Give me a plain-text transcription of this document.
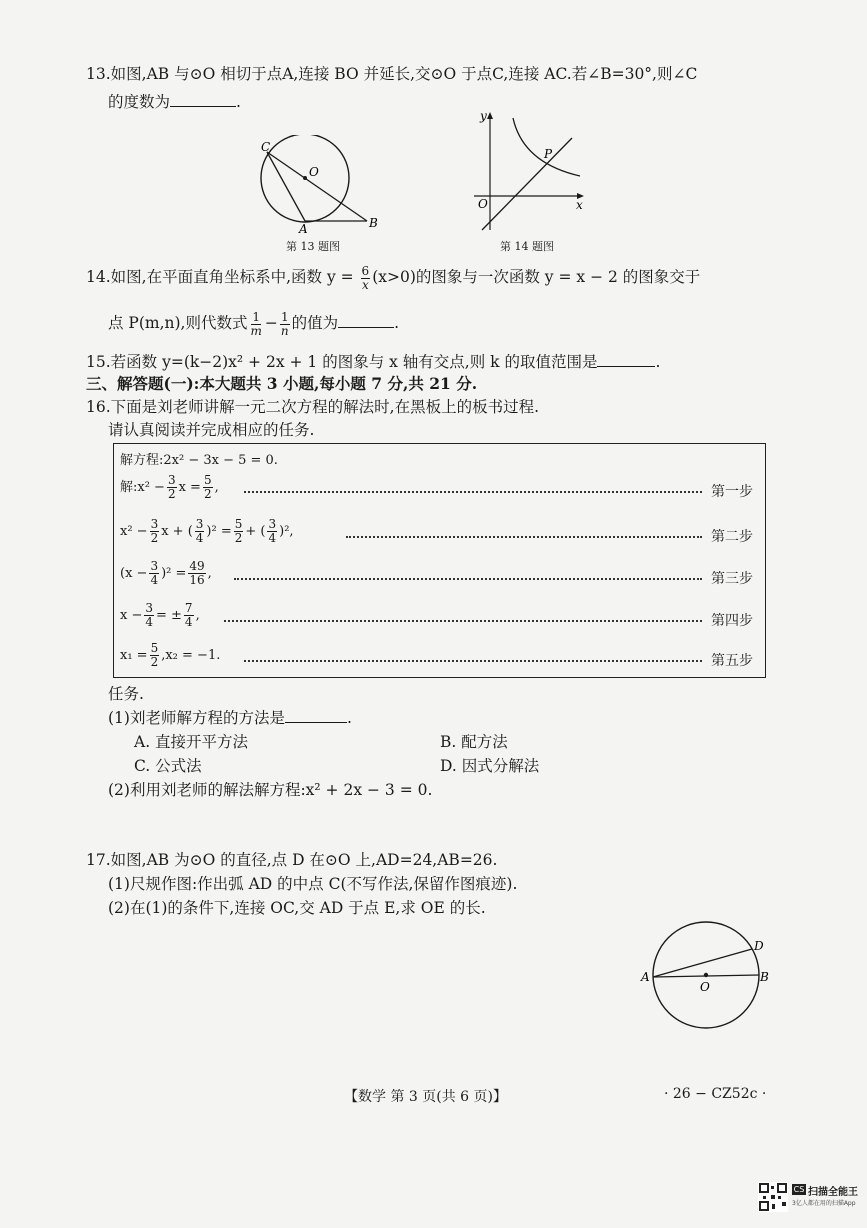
13.如图,AB 与⊙O 相切于点A,连接 BO 并延长,交⊙O 于点C,连接 AC.若∠B=30°,则∠C
的度数为	.
C
O
A	B
第 13 题图
y
x
O
P
第 14 题图
14.如图,在平面直角坐标系中,函数 $y = \frac{6}{x} (x>0)$的图象与一次函数 y = x − 2 的图象交于
点 P(m,n),则代数式 $\frac{1}{m} - \frac{1}{n}$ 的值为	.
15.若函数 y=(k−2)x² + 2x + 1 的图象与 x 轴有交点,则 k 的取值范围是	.
三、解答题(一):本大题共 3 小题,每小题 7 分,共 21 分.
16.下面是刘老师讲解一元二次方程的解法时,在黑板上的板书过程.
请认真阅读并完成相应的任务.
解方程:2x² − 3x − 5 = 0.
解:x² − $\frac{3}{2}$ $x = \frac{5}{2}$ ,	第一步
$x^2 - \frac{3}{2}$ x + ( $\frac{3}{4} )^2 = \frac{5}{2}$ + ( $\frac{3}{4} )^2$,	第二步
$(x - \frac{3}{4} )^2 = \frac{49}{16}$ ,	第三步
$x - \frac{3}{4}$ = ± $\frac{7}{4}$ ,	第四步
$x_1 = \frac{5}{2} ,x_2 = -1$.	第五步
任务.
(1)刘老师解方程的方法是	.
A. 直接开平方法	B. 配方法
C. 公式法	D. 因式分解法
(2)利用刘老师的解法解方程:x² + 2x − 3 = 0.
17.如图,AB 为⊙O 的直径,点 D 在⊙O 上,AD=24,AB=26.
(1)尺规作图:作出弧 AD 的中点 C(不写作法,保留作图痕迹).
(2)在(1)的条件下,连接 OC,交 AD 于点 E,求 OE 的长.
A	B
O
D
【数学 第 3 页(共 6 页)】	· 26 − CZ52c ·
CS 扫描全能王
3亿人都在用的扫描App
